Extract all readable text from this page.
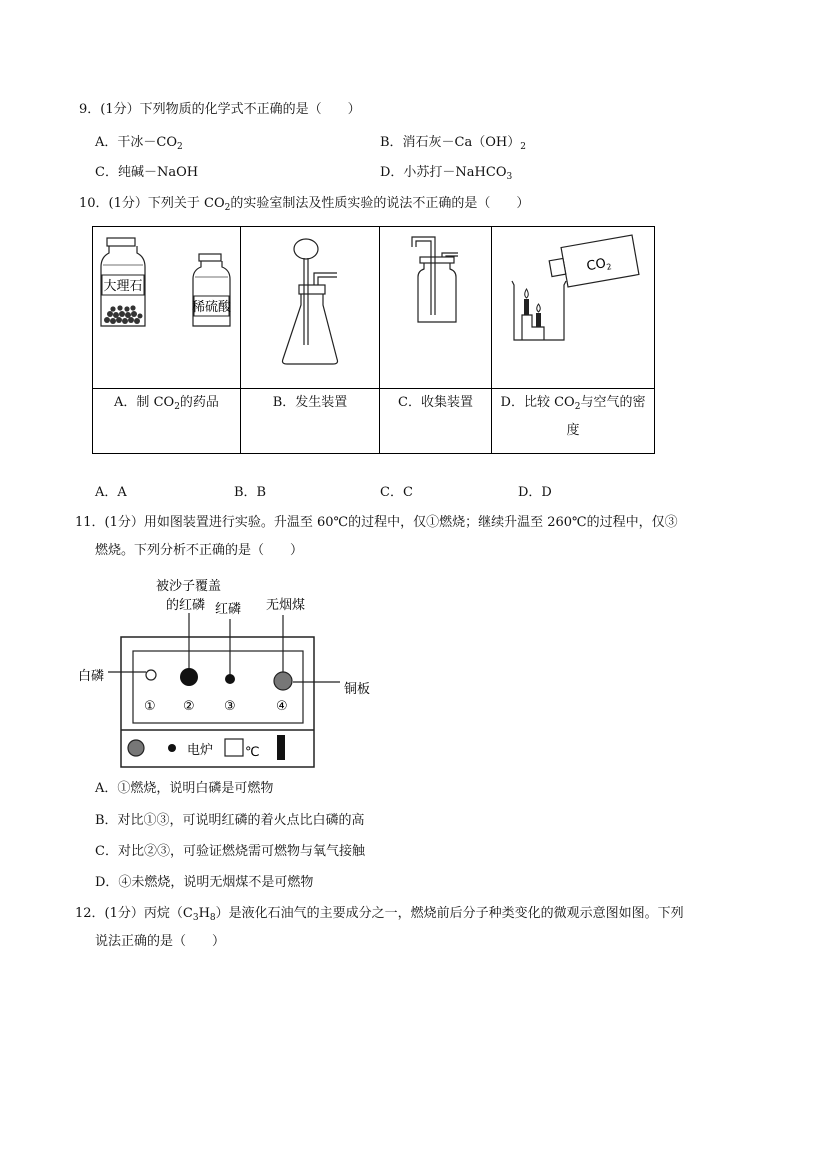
9．(1分）下列物质的化学式不正确的是（　　）
A．干冰$-CO_2$	B．消石灰$-Ca(OH)_2$
C．纯碱－NaOH	D．小苏打－NaHCO$_3$
10．(1分）下列关于 $CO_2$的实验室制法及性质实验的说法不正确的是（　　）
大理石
稀硫酸			$CO_2$

A．制 $CO_2$的药品	B．发生装置	C．收集装置	D．比较 $CO_2$与空气的密
度
A．A	B．B	C．C	D．D
11．(1分）用如图装置进行实验。升温至 60℃的过程中，仅①燃烧；继续升温至 260℃的过程中，仅③
燃烧。下列分析不正确的是（　　）
被沙子覆盖
的红磷 红磷 无烟煤
白磷
铜板
① ② ③	④
电炉 ℃
A．①燃烧，说明白磷是可燃物
B．对比①③，可说明红磷的着火点比白磷的高
C．对比②③，可验证燃烧需可燃物与氧气接触
D．④未燃烧，说明无烟煤不是可燃物
12．(1分）丙烷$(C_3H_8)$是液化石油气的主要成分之一，燃烧前后分子种类变化的微观示意图如图。下列
说法正确的是（　　）
